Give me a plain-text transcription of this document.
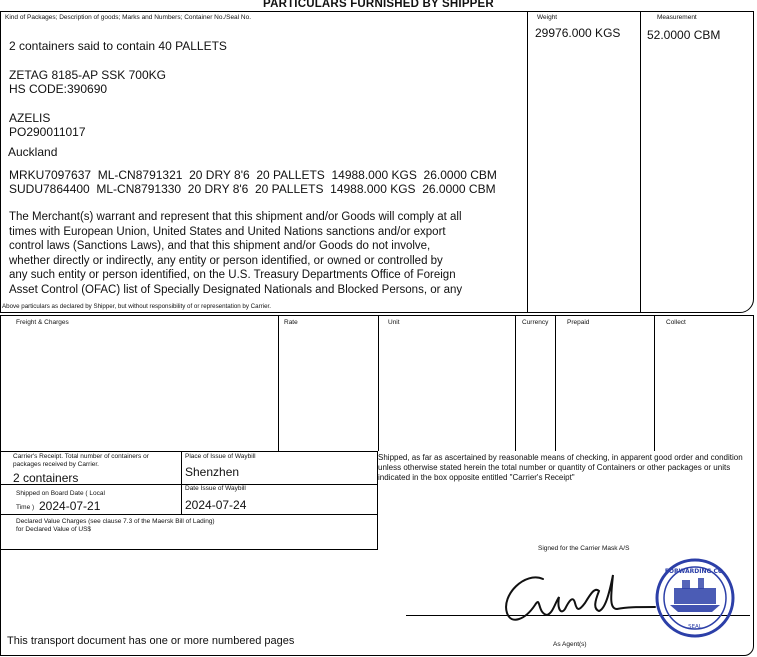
PARTICULARS FURNISHED BY SHIPPER
Kind of Packages; Description of goods; Marks and Numbers; Container No./Seal No.	Weight	Measurement
29976.000 KGS 52.0000 CBM
2 containers said to contain 40 PALLETS
ZETAG 8185-AP SSK 700KG
HS CODE:390690
AZELIS
PO290011017
Auckland
MRKU7097637  ML-CN8791321  20 DRY 8'6  20 PALLETS  14988.000 KGS  26.0000 CBM
SUDU7864400  ML-CN8791330  20 DRY 8'6  20 PALLETS  14988.000 KGS  26.0000 CBM
The Merchant(s) warrant and represent that this shipment and/or Goods will comply at all
times with European Union, United States and United Nations sanctions and/or export
control laws (Sanctions Laws), and that this shipment and/or Goods do not involve,
whether directly or indirectly, any entity or person identified, or owned or controlled by
any such entity or person identified, on the U.S. Treasury Departments Office of Foreign
Asset Control (OFAC) list of Specially Designated Nationals and Blocked Persons, or any
Above particulars as declared by Shipper, but without responsibility of or representation by Carrier.
Freight & Charges	Rate	Unit	Currency	Prepaid	Collect
Carrier's Receipt. Total number of containers or packages received by Carrier.
2 containers
Place of Issue of Waybill
Shenzhen
Shipped on Board Date ( Local
Time ) 2024-07-21
Date Issue of Waybill
2024-07-24
Declared Value Charges (see clause 7.3 of the Maersk Bill of Lading) for Declared Value of US$
Shipped, as far as ascertained by reasonable means of checking, in apparent good order and condition unless otherwise stated herein the total number or quantity of Containers or other packages or units indicated in the box opposite entitled "Carrier's Receipt"
Signed for the Carrier Mask A/S
As Agent(s)
FORWARDING CO.
SEAL
This transport document has one or more numbered pages
